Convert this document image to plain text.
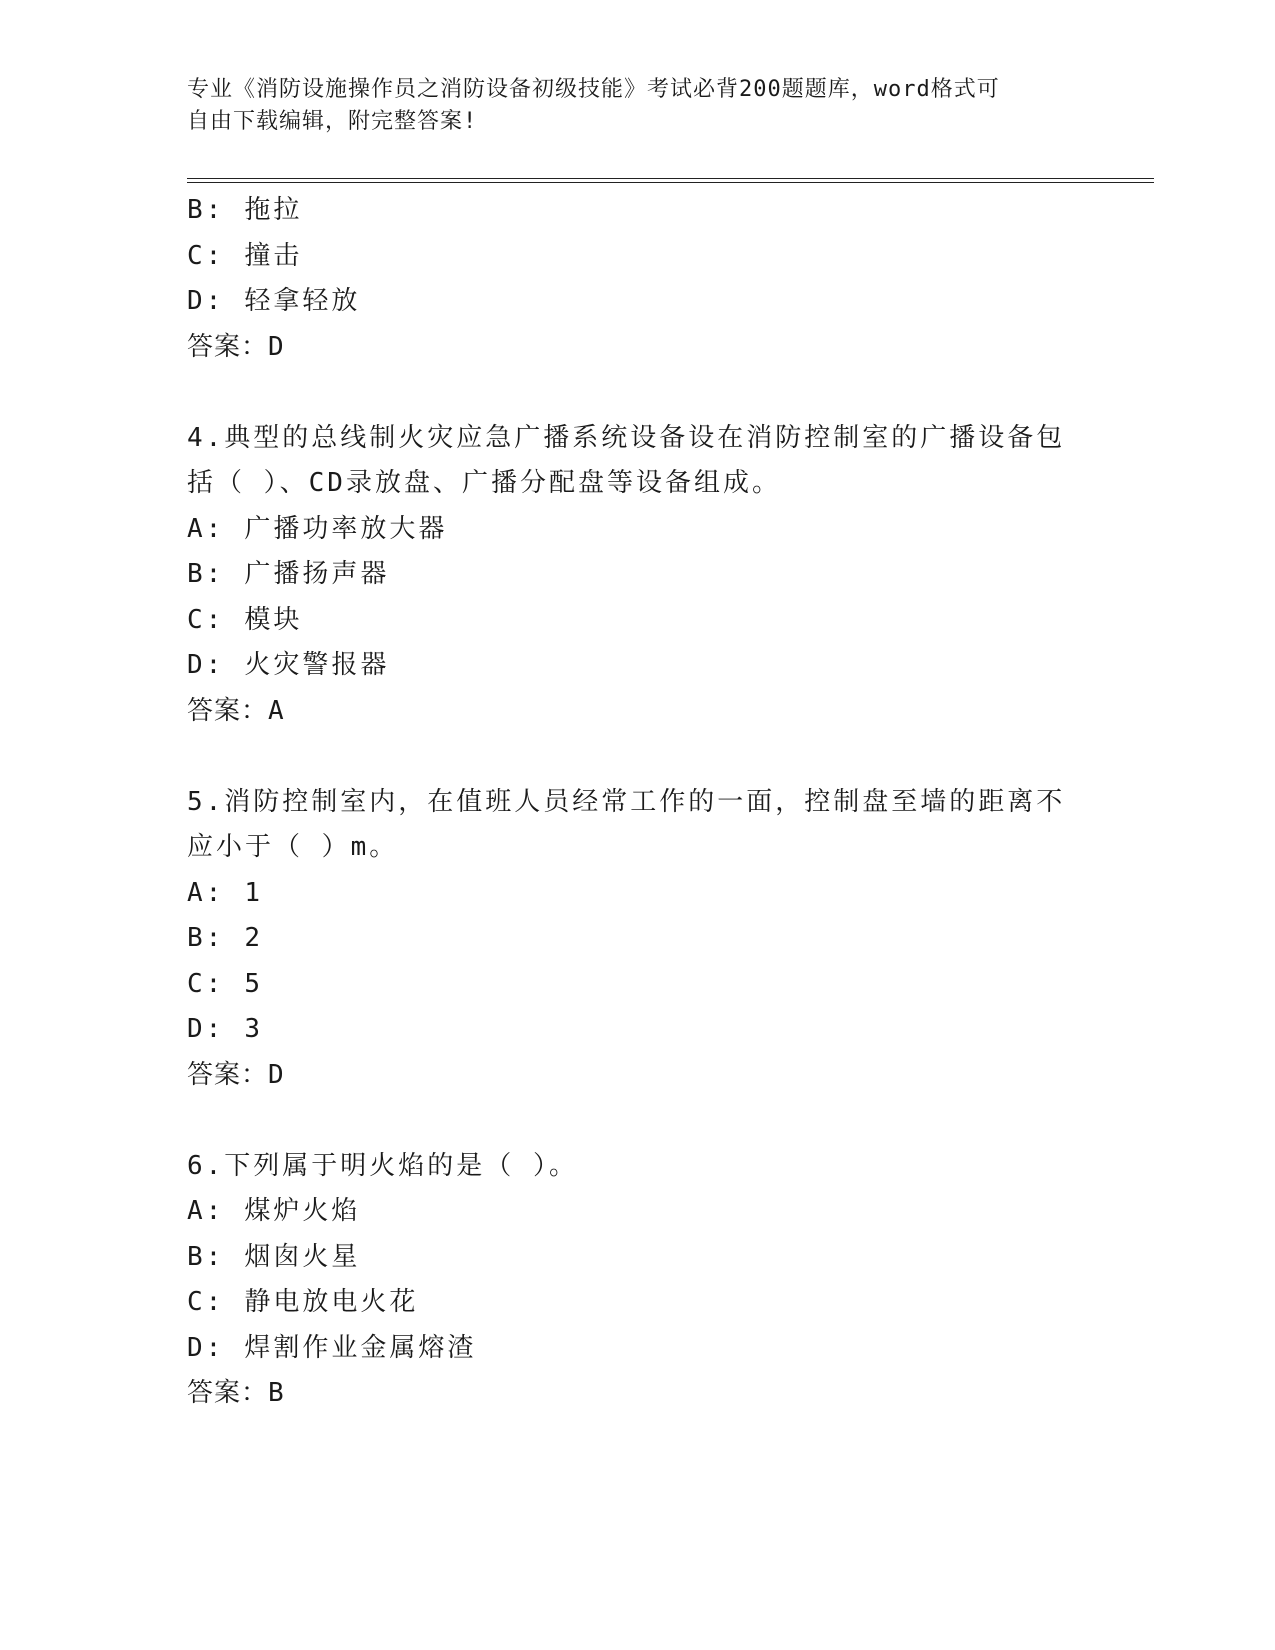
专业《消防设施操作员之消防设备初级技能》考试必背200题题库，word格式可
自由下载编辑，附完整答案!
B: 拖拉
C: 撞击
D: 轻拿轻放
答案：D
4.典型的总线制火灾应急广播系统设备设在消防控制室的广播设备包
括（ ）、CD录放盘、广播分配盘等设备组成。
A: 广播功率放大器
B: 广播扬声器
C: 模块
D: 火灾警报器
答案：A
5.消防控制室内，在值班人员经常工作的一面，控制盘至墙的距离不
应小于（ ）m。
A: 1
B: 2
C: 5
D: 3
答案：D
6.下列属于明火焰的是（ ）。
A: 煤炉火焰
B: 烟囱火星
C: 静电放电火花
D: 焊割作业金属熔渣
答案：B
